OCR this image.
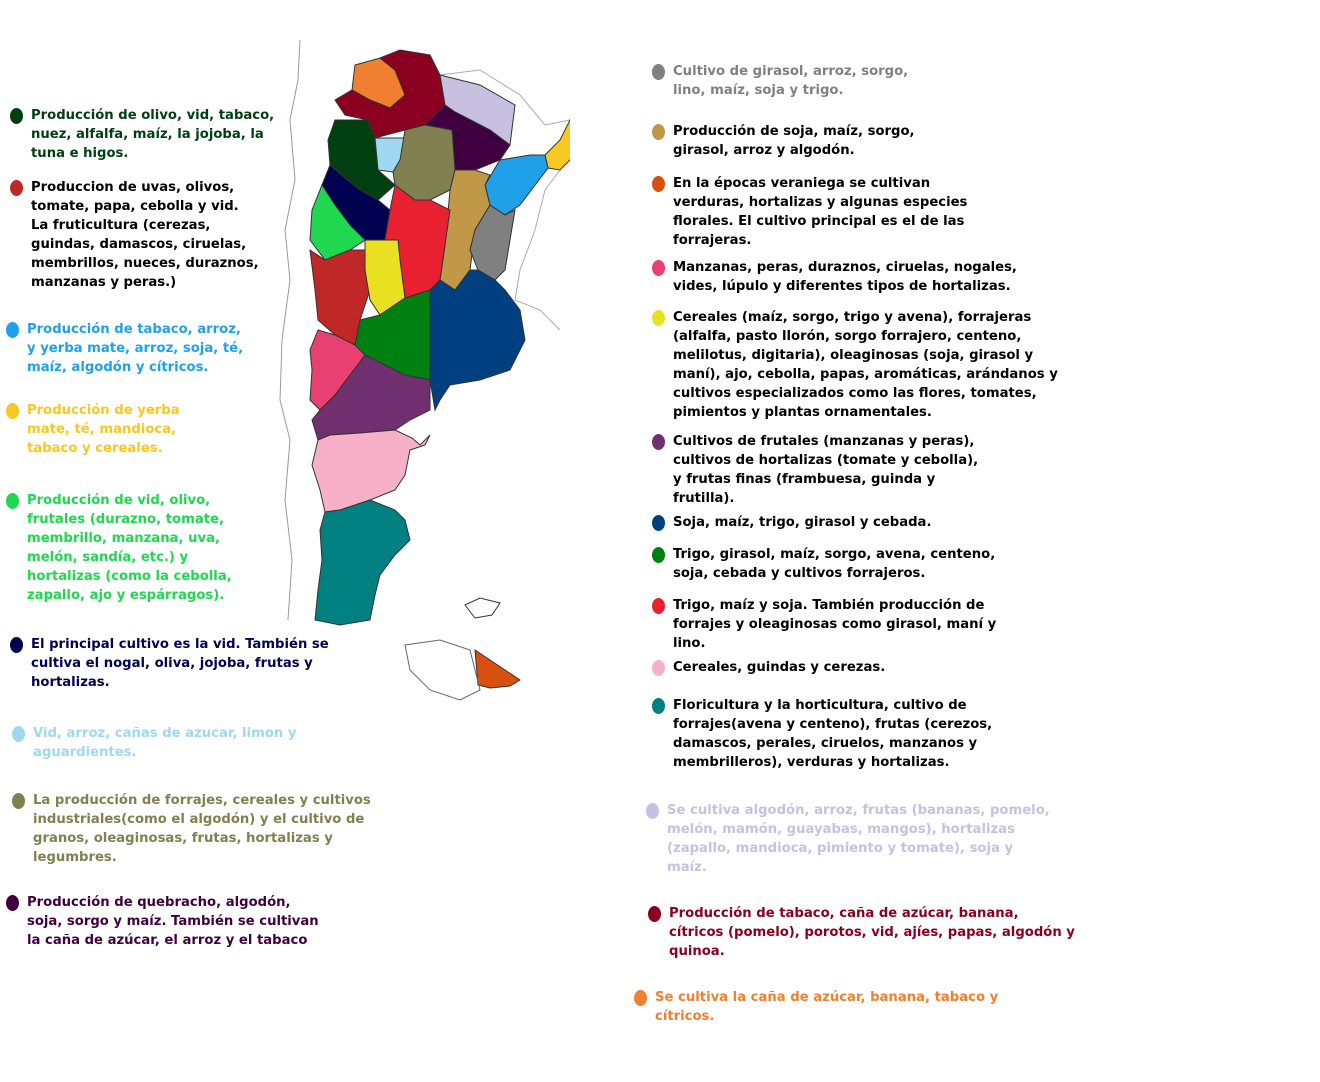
Producción de olivo, vid, tabaco,
nuez, alfalfa, maíz, la jojoba, la
tuna e higos.
Produccion de uvas, olivos,
tomate, papa, cebolla y vid.
La fruticultura (cerezas,
guindas, damascos, ciruelas,
membrillos, nueces, duraznos,
manzanas y peras.)
Producción de tabaco, arroz,
y yerba mate, arroz, soja, té,
maíz, algodón y cítricos.
Producción de yerba
mate, té, mandioca,
tabaco y cereales.
Producción de vid, olivo,
frutales (durazno, tomate,
membrillo, manzana, uva,
melón, sandía, etc.) y
hortalizas (como la cebolla,
zapallo, ajo y espárragos).
El principal cultivo es la vid. También se
cultiva el nogal, oliva, jojoba, frutas y
hortalizas.
Vid, arroz, cañas de azucar, limon y
aguardientes.
La producción de forrajes, cereales y cultivos
industriales(como el algodón) y el cultivo de
granos, oleaginosas, frutas, hortalizas y
legumbres.
Producción de quebracho, algodón,
soja, sorgo y maíz. También se cultivan
la caña de azúcar, el arroz y el tabaco
Cultivo de girasol, arroz, sorgo,
lino, maíz, soja y trigo.
Producción de soja, maíz, sorgo,
girasol, arroz y algodón.
En la épocas veraniega se cultivan
verduras, hortalizas y algunas especies
florales. El cultivo principal es el de las
forrajeras.
Manzanas, peras, duraznos, ciruelas, nogales,
vides, lúpulo y diferentes tipos de hortalizas.
Cereales (maíz, sorgo, trigo y avena), forrajeras
(alfalfa, pasto llorón, sorgo forrajero, centeno,
melilotus, digitaria), oleaginosas (soja, girasol y
maní), ajo, cebolla, papas, aromáticas, arándanos y
cultivos especializados como las flores, tomates,
pimientos y plantas ornamentales.
Cultivos de frutales (manzanas y peras),
cultivos de hortalizas (tomate y cebolla),
y frutas finas (frambuesa, guinda y
frutilla).
Soja, maíz, trigo, girasol y cebada.
Trigo, girasol, maíz, sorgo, avena, centeno,
soja, cebada y cultivos forrajeros.
Trigo, maíz y soja. También producción de
forrajes y oleaginosas como girasol, maní y
lino.
Cereales, guindas y cerezas.
Floricultura y la horticultura, cultivo de
forrajes(avena y centeno), frutas (cerezos,
damascos, perales, ciruelos, manzanos y
membrilleros), verduras y hortalizas.
Se cultiva algodón, arroz, frutas (bananas, pomelo,
melón, mamón, guayabas, mangos), hortalizas
(zapallo, mandioca, pimiento y tomate), soja y
maíz.
Producción de tabaco, caña de azúcar, banana,
cítricos (pomelo), porotos, vid, ajíes, papas, algodón y
quinoa.
Se cultiva la caña de azúcar, banana, tabaco y
cítricos.
